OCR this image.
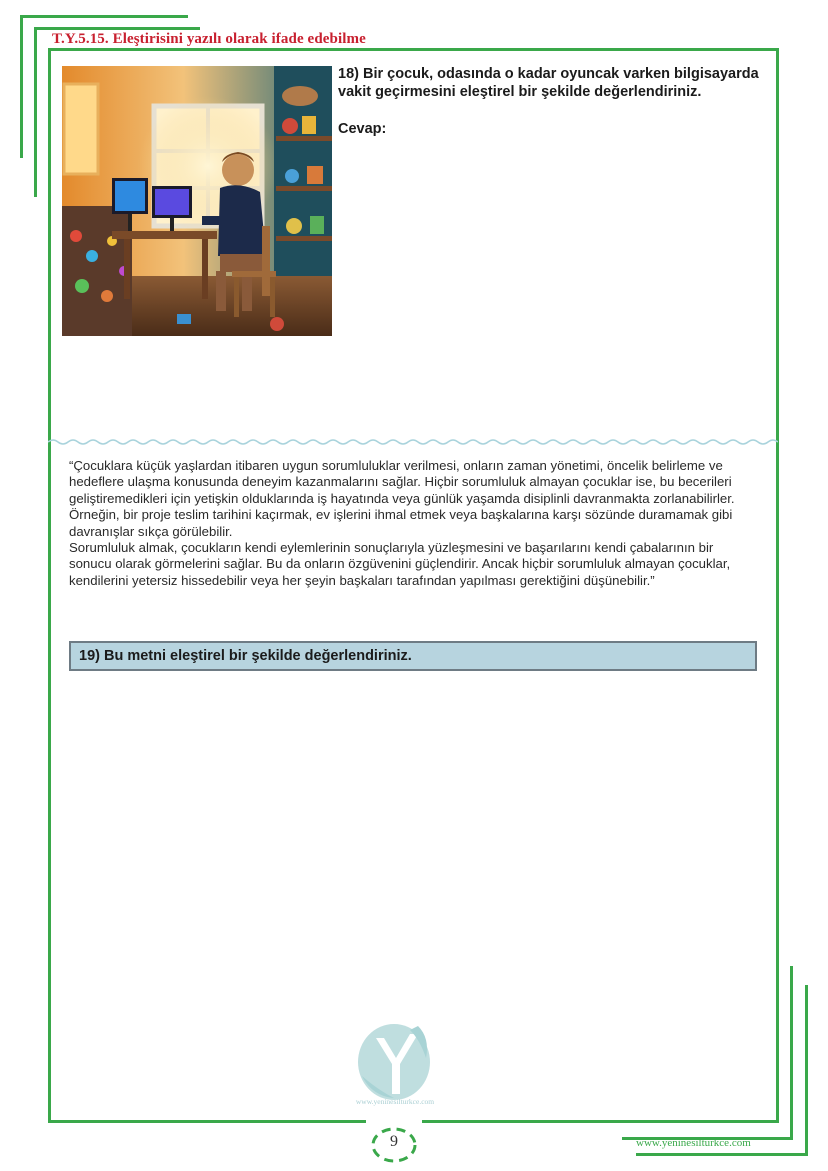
T.Y.5.15. Eleştirisini yazılı olarak ifade edebilme
18) Bir çocuk, odasında o kadar oyuncak varken bilgisayarda vakit geçirmesini eleştirel bir şekilde değerlendiriniz.
Cevap:

“Çocuklara küçük yaşlardan itibaren uygun sorumluluklar verilmesi, onların zaman yönetimi, öncelik belirleme ve hedeflere ulaşma konusunda deneyim kazanmalarını sağlar. Hiçbir sorumluluk almayan çocuklar ise, bu becerileri geliştiremedikleri için yetişkin olduklarında iş hayatında veya günlük yaşamda disiplinli davranmakta zorlanabilirler. Örneğin, bir proje teslim tarihini kaçırmak, ev işlerini ihmal etmek veya başkalarına karşı sözünde duramamak gibi davranışlar sıkça görülebilir.

Sorumluluk almak, çocukların kendi eylemlerinin sonuçlarıyla yüzleşmesini ve başarılarını kendi çabalarının bir sonucu olarak görmelerini sağlar. Bu da onların özgüvenini güçlendirir. Ancak hiçbir sorumluluk almayan çocuklar, kendilerini yetersiz hissedebilir veya her şeyin başkaları tarafından yapılması gerektiğini düşünebilir.”

19) Bu metni eleştirel bir şekilde değerlendiriniz.
www.yeninesilturkce.com
9	www.yeninesilturkce.com
